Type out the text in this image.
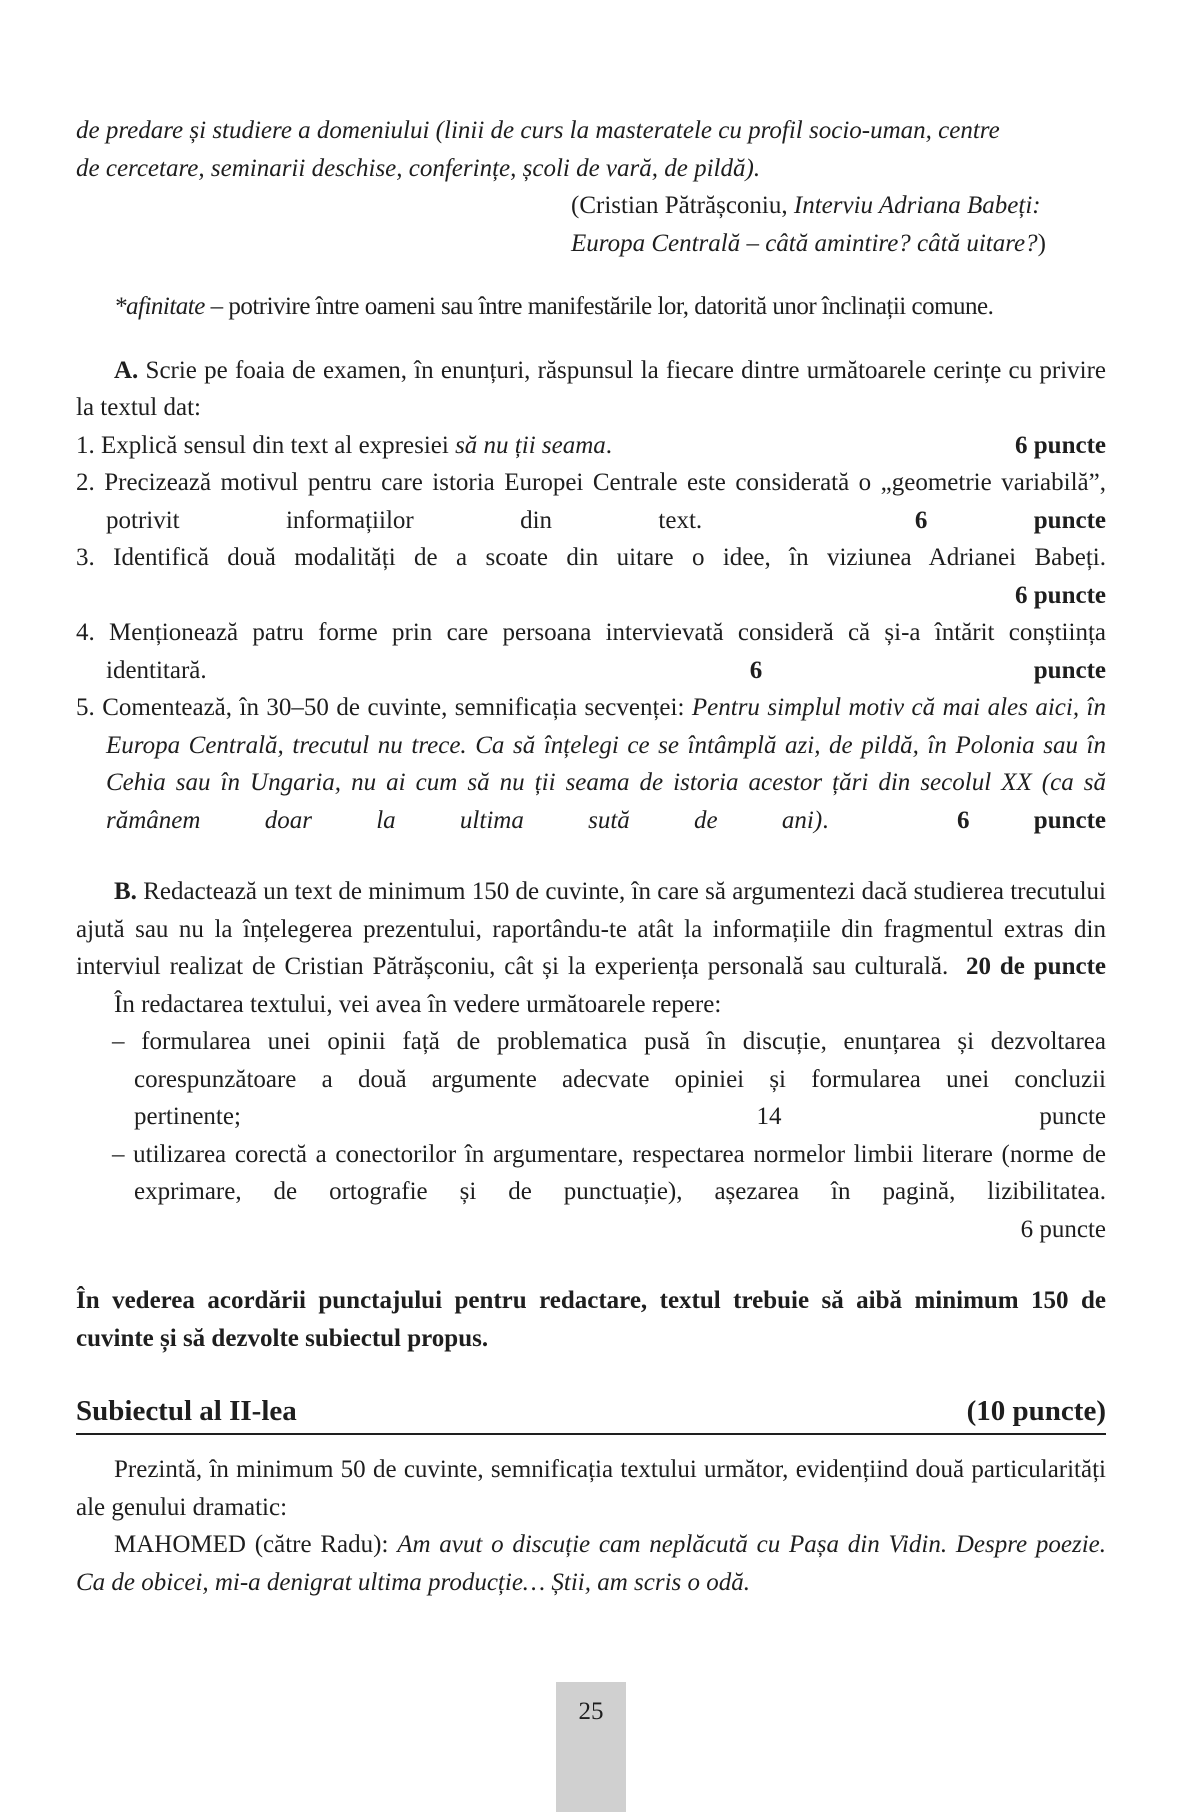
de predare și studiere a domeniului (linii de curs la masteratele cu profil socio-uman, centre

de cercetare, seminarii deschise, conferințe, școli de vară, de pildă).

(Cristian Pătrășconiu, Interviu Adriana Babeți:
Europa Centrală – câtă amintire? câtă uitare?)

*afinitate – potrivire între oameni sau între manifestările lor, datorită unor înclinații comune.

A. Scrie pe foaia de examen, în enunțuri, răspunsul la fiecare dintre următoarele cerințe cu privire la textul dat:

1. Explică sensul din text al expresiei să nu ții seama.	6 puncte
2. Precizează motivul pentru care istoria Europei Centrale este considerată o „geometrie variabilă”, potrivit informațiilor din text.	6 puncte
3. Identifică două modalități de a scoate din uitare o idee, în viziunea Adrianei Babeți.
6 puncte
4. Menționează patru forme prin care persoana intervievată consideră că și-a întărit conștiința identitară.	6 puncte
5. Comentează, în 30–50 de cuvinte, semnificația secvenței: Pentru simplul motiv că mai ales aici, în Europa Centrală, trecutul nu trece. Ca să înțelegi ce se întâmplă azi, de pildă, în Polonia sau în Cehia sau în Ungaria, nu ai cum să nu ții seama de istoria acestor țări din secolul XX (ca să rămânem doar la ultima sută de ani).	6 puncte
B. Redactează un text de minimum 150 de cuvinte, în care să argumentezi dacă studierea trecutului ajută sau nu la înțelegerea prezentului, raportându-te atât la informațiile din fragmentul extras din interviul realizat de Cristian Pătrășconiu, cât și la experiența personală sau culturală. 20 de puncte

În redactarea textului, vei avea în vedere următoarele repere:

– formularea unei opinii față de problematica pusă în discuție, enunțarea și dezvoltarea corespunzătoare a două argumente adecvate opiniei și formularea unei concluzii pertinente;	14 puncte
– utilizarea corectă a conectorilor în argumentare, respectarea normelor limbii literare (norme de exprimare, de ortografie și de punctuație), așezarea în pagină, lizibilitatea.
6 puncte

În vederea acordării punctajului pentru redactare, textul trebuie să aibă minimum 150 de cuvinte și să dezvolte subiectul propus.

Subiectul al II-lea	(10 puncte)

Prezintă, în minimum 50 de cuvinte, semnificația textului următor, evidențiind două particularități ale genului dramatic:

MAHOMED (către Radu): Am avut o discuție cam neplăcută cu Pașa din Vidin. Despre poezie. Ca de obicei, mi-a denigrat ultima producție… Știi, am scris o odă.

25
